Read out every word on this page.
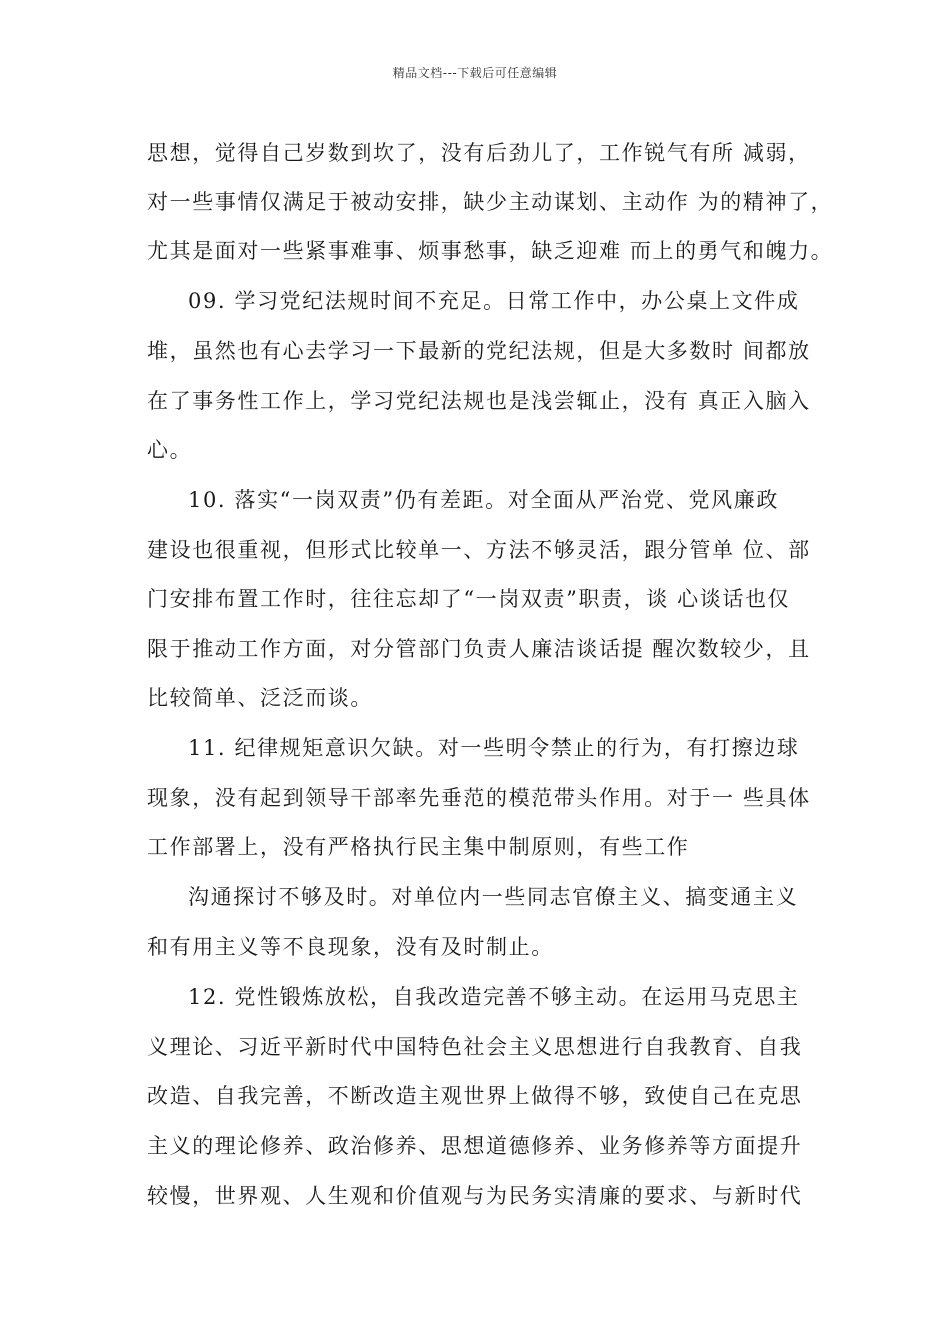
精品文档---下载后可任意编辑
思想，觉得自己岁数到坎了，没有后劲儿了，工作锐气有所 减弱，
对一些事情仅满足于被动安排，缺少主动谋划、主动作 为的精神了，
尤其是面对一些紧事难事、烦事愁事，缺乏迎难 而上的勇气和魄力。
09. 学习党纪法规时间不充足。日常工作中，办公桌上文件成
堆，虽然也有心去学习一下最新的党纪法规，但是大多数时 间都放
在了事务性工作上，学习党纪法规也是浅尝辄止，没有 真正入脑入
心。
10. 落实“一岗双责”仍有差距。对全面从严治党、党风廉政
建设也很重视，但形式比较单一、方法不够灵活，跟分管单 位、部
门安排布置工作时，往往忘却了“一岗双责”职责，谈 心谈话也仅
限于推动工作方面，对分管部门负责人廉洁谈话提 醒次数较少，且
比较简单、泛泛而谈。
11. 纪律规矩意识欠缺。对一些明令禁止的行为，有打擦边球
现象，没有起到领导干部率先垂范的模范带头作用。对于一 些具体
工作部署上，没有严格执行民主集中制原则，有些工作
沟通探讨不够及时。对单位内一些同志官僚主义、搞变通主义
和有用主义等不良现象，没有及时制止。
12. 党性锻炼放松，自我改造完善不够主动。在运用马克思主
义理论、习近平新时代中国特色社会主义思想进行自我教育、自我
改造、自我完善，不断改造主观世界上做得不够，致使自己在克思
主义的理论修养、政治修养、思想道德修养、业务修养等方面提升
较慢，世界观、人生观和价值观与为民务实清廉的要求、与新时代
